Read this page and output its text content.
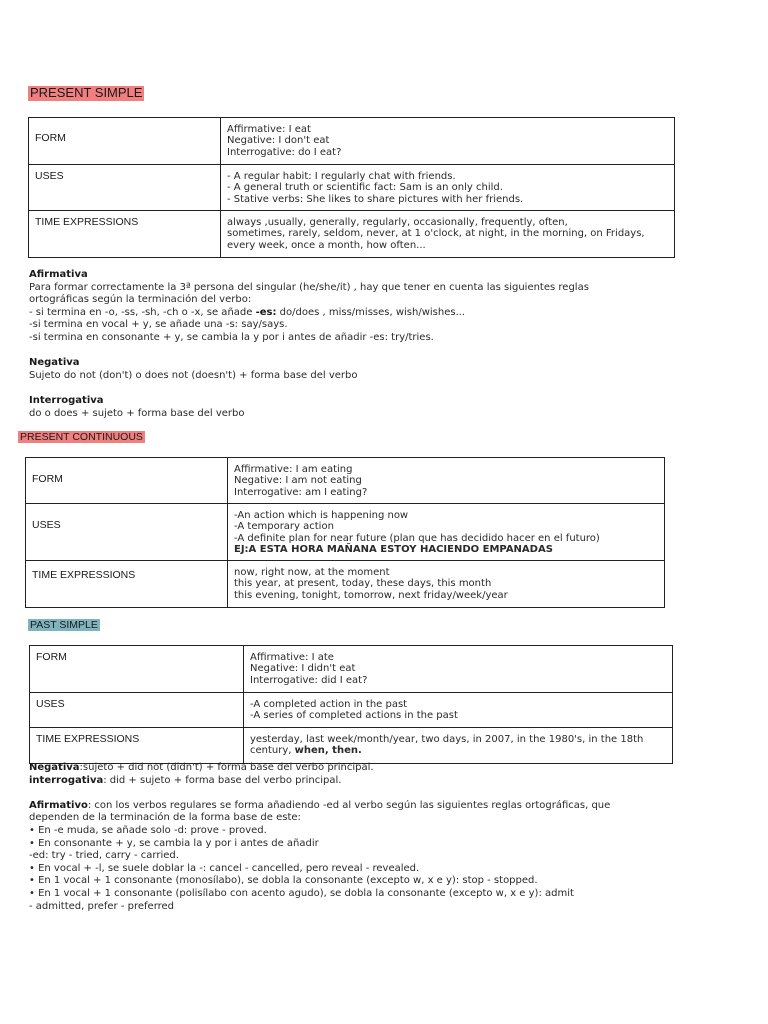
PRESENT SIMPLE
FORM	Affirmative: I eat
Negative: I don't eat
Interrogative: do I eat?

USES	- A regular habit: I regularly chat with friends.
- A general truth or scientific fact: Sam is an only child.
- Stative verbs: She likes to share pictures with her friends.

TIME EXPRESSIONS	always ,usually, generally, regularly, occasionally, frequently, often,
sometimes, rarely, seldom, never, at 1 o'clock, at night, in the morning, on Fridays,
every week, once a month, how often...
Afirmativa
Para formar correctamente la 3ª persona del singular (he/she/it) , hay que tener en cuenta las siguientes reglas
ortográficas según la terminación del verbo:
- si termina en -o, -ss, -sh, -ch o -x, se añade -es: do/does , miss/misses, wish/wishes...
-si termina en vocal + y, se añade una -s: say/says.
-si termina en consonante + y, se cambia la y por i antes de añadir -es: try/tries.

Negativa
Sujeto do not (don't) o does not (doesn't) + forma base del verbo

Interrogativa
do o does + sujeto + forma base del verbo
PRESENT CONTINUOUS
FORM	Affirmative: I am eating
Negative: I am not eating
Interrogative: am I eating?

USES	-An action which is happening now
-A temporary action
-A definite plan for near future (plan que has decidido hacer en el futuro)
EJ:A ESTA HORA MAÑANA ESTOY HACIENDO EMPANADAS

TIME EXPRESSIONS	now, right now, at the moment
this year, at present, today, these days, this month
this evening, tonight, tomorrow, next friday/week/year
PAST SIMPLE
FORM	Affirmative: I ate
Negative: I didn't eat
Interrogative: did I eat?

USES	-A completed action in the past
-A series of completed actions in the past

TIME EXPRESSIONS	yesterday, last week/month/year, two days, in 2007, in the 1980's, in the 18th
century, when, then.
Negativa:sujeto + did not (didn't) + forma base del verbo principal.
interrogativa: did + sujeto + forma base del verbo principal.

Afirmativo: con los verbos regulares se forma añadiendo -ed al verbo según las siguientes reglas ortográficas, que
dependen de la terminación de la forma base de este:
• En -e muda, se añade solo -d: prove - proved.
• En consonante + y, se cambia la y por i antes de añadir
-ed: try - tried, carry - carried.
• En vocal + -l, se suele doblar la -: cancel - cancelled, pero reveal - revealed.
• En 1 vocal + 1 consonante (monosílabo), se dobla la consonante (excepto w, x e y): stop - stopped.
• En 1 vocal + 1 consonante (polisílabo con acento agudo), se dobla la consonante (excepto w, x e y): admit
- admitted, prefer - preferred
